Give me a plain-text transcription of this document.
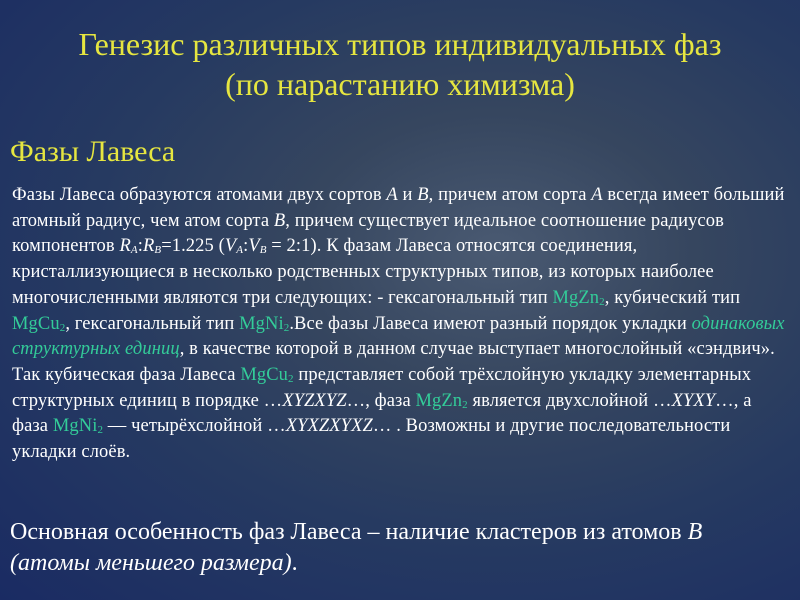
Генезис различных типов индивидуальных фаз
(по нарастанию химизма)
Фазы Лавеса
Фазы Лавеса образуются атомами двух сортов A и B, причем атом сорта A всегда имеет больший атомный радиус, чем атом сорта B, причем существует идеальное соотношение радиусов компонентов $R_A:R_B=1.225$ ($V_A:V_B$ = 2:1). К фазам Лавеса относятся соединения, кристаллизующиеся в несколько родственных структурных типов, из которых наиболее многочисленными являются три следующих: - гексагональный тип MgZn$_2$, кубический тип MgCu$_2$, гексагональный тип MgNi$_2$.Все фазы Лавеса имеют разный порядок укладки одинаковых структурных единиц, в качестве которой в данном случае выступает многослойный «сэндвич». Так кубическая фаза Лавеса MgCu$_2$ представляет собой трёхслойную укладку элементарных структурных единиц в порядке …XYZXYZ…, фаза MgZn$_2$ является двухслойной …XYXY…, а фаза MgNi$_2$ — четырёхслойной …XYXZXYXZ… . Возможны и другие последовательности укладки слоёв.
Основная особенность фаз Лавеса – наличие кластеров из атомов B
(атомы меньшего размера).
